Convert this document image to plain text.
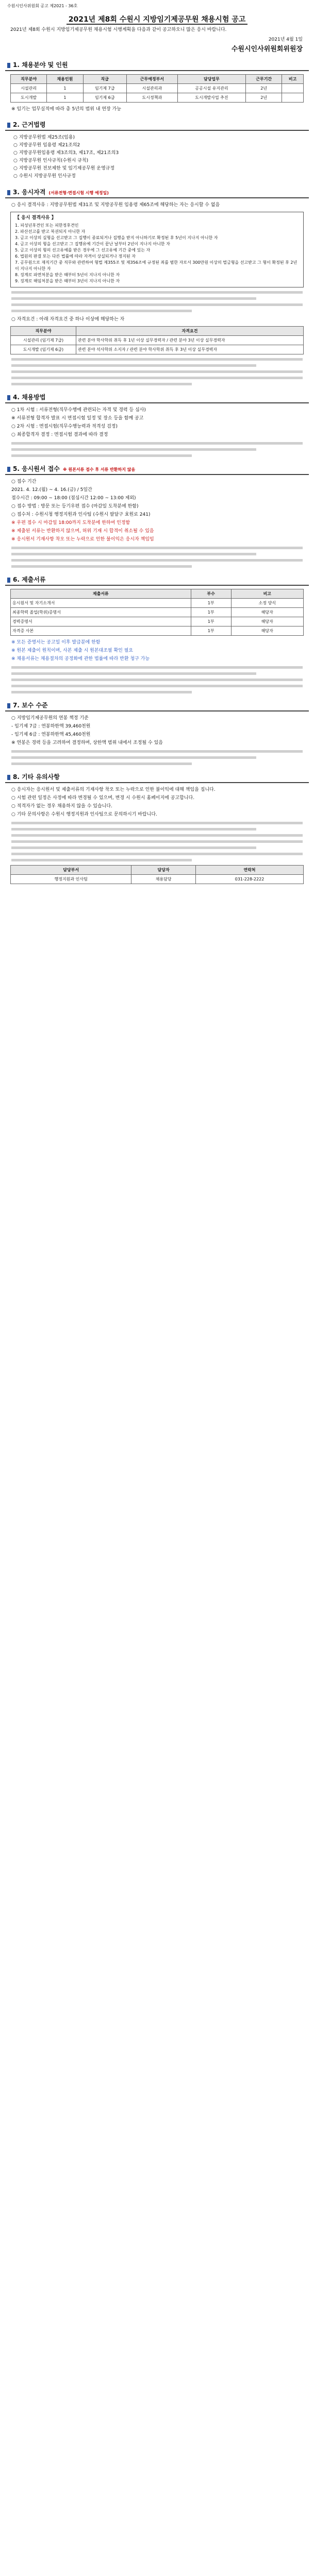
수원시인사위원회 공고 제2021 - 36호
2021년 제8회 수원시 지방임기제공무원 채용시험 공고
2021년 제8회 수원시 지방임기제공무원 채용시험 시행계획을 다음과 같이 공고하오니 많은 응시 바랍니다.
2021년 4월 1일
수원시인사위원회위원장
1. 채용분야 및 인원
직무분야	채용인원	직급	근무예정부서	담당업무	근무기간	비고
시설관리	1	임기제 7급	시설관리과	공공시설 유지관리	2년	
도시개발	1	임기제 6급	도시정책과	도시개발사업 추진	2년	
※ 임기는 업무실적에 따라 총 5년의 범위 내 연장 가능
2. 근거법령
○ 지방공무원법 제25조(임용)
○ 지방공무원 임용령 제21조의2
○ 지방공무원임용령 제3조의3, 제17조, 제21조의3
○ 지방공무원 인사규칙(수원시 규칙)
○ 지방공무원 전보제한 및 임기제공무원 운영규정
○ 수원시 지방공무원 인사규정
3. 응시자격 (서류전형·면접시험 시행 예정일)
○ 응시 결격사유 : 지방공무원법 제31조 및 지방공무원 임용령 제65조에 해당하는 자는 응시할 수 없음
【 응시 결격사유 】
1. 피성년후견인 또는 피한정후견인
2. 파산선고를 받고 복권되지 아니한 자
3. 금고 이상의 실형을 선고받고 그 집행이 종료되거나 집행을 받지 아니하기로 확정된 후 5년이 지나지 아니한 자
4. 금고 이상의 형을 선고받고 그 집행유예 기간이 끝난 날부터 2년이 지나지 아니한 자
5. 금고 이상의 형의 선고유예를 받은 경우에 그 선고유예 기간 중에 있는 자
6. 법원의 판결 또는 다른 법률에 따라 자격이 상실되거나 정지된 자
7. 공무원으로 재직기간 중 직무와 관련하여 형법 제355조 및 제356조에 규정된 죄를 범한 자로서 300만원 이상의 벌금형을 선고받고 그 형이 확정된 후 2년이 지나지 아니한 자
8. 징계로 파면처분을 받은 때부터 5년이 지나지 아니한 자
9. 징계로 해임처분을 받은 때부터 3년이 지나지 아니한 자
○ 자격요건 : 아래 자격요건 중 하나 이상에 해당하는 자
직무분야	자격요건
시설관리 (임기제 7급)	관련 분야 학사학위 취득 후 1년 이상 실무경력자 / 관련 분야 3년 이상 실무경력자
도시개발 (임기제 6급)	관련 분야 석사학위 소지자 / 관련 분야 학사학위 취득 후 3년 이상 실무경력자
4. 채용방법
○ 1차 시험 : 서류전형(직무수행에 관련되는 자격 및 경력 등 심사)
※ 서류전형 합격자 발표 시 면접시험 일정 및 장소 등을 함께 공고
○ 2차 시험 : 면접시험(직무수행능력과 적격성 검정)
○ 최종합격자 결정 : 면접시험 결과에 따라 결정
5. 응시원서 접수 ※ 원본서류 접수 후 서류 반환하지 않음
○ 접수 기간
2021. 4. 12.(월) ~ 4. 16.(금) / 5일간
접수시간 : 09:00 ~ 18:00 (점심시간 12:00 ~ 13:00 제외)
○ 접수 방법 : 방문 또는 등기우편 접수 (마감일 도착분에 한함)
○ 접수처 : 수원시청 행정지원과 인사팀 (수원시 팔달구 효원로 241)
※ 우편 접수 시 마감일 18:00까지 도착분에 한하여 인정함
※ 제출된 서류는 반환하지 않으며, 허위 기재 시 합격이 취소될 수 있음
※ 응시원서 기재사항 착오 또는 누락으로 인한 불이익은 응시자 책임임
6. 제출서류
제출서류	부수	비고
응시원서 및 자기소개서	1부	소정 양식
최종학력 졸업(학위)증명서	1부	해당자
경력증명서	1부	해당자
자격증 사본	1부	해당자
※ 모든 증명서는 공고일 이후 발급분에 한함
※ 원본 제출이 원칙이며, 사본 제출 시 원본대조필 확인 필요
※ 채용서류는 채용절차의 공정화에 관한 법률에 따라 반환 청구 가능
7. 보수 수준
○ 지방임기제공무원의 연봉 책정 기준
- 임기제 7급 : 연봉하한액 39,460천원
- 임기제 6급 : 연봉하한액 45,460천원
※ 연봉은 경력 등을 고려하여 결정하며, 상한액 범위 내에서 조정될 수 있음
8. 기타 유의사항
○ 응시자는 응시원서 및 제출서류의 기재사항 착오 또는 누락으로 인한 불이익에 대해 책임을 집니다.
○ 시험 관련 일정은 사정에 따라 변경될 수 있으며, 변경 시 수원시 홈페이지에 공고합니다.
○ 적격자가 없는 경우 채용하지 않을 수 있습니다.
○ 기타 문의사항은 수원시 행정지원과 인사팀으로 문의하시기 바랍니다.
담당부서	담당자	연락처
행정지원과 인사팀	채용담당	031-228-2222
